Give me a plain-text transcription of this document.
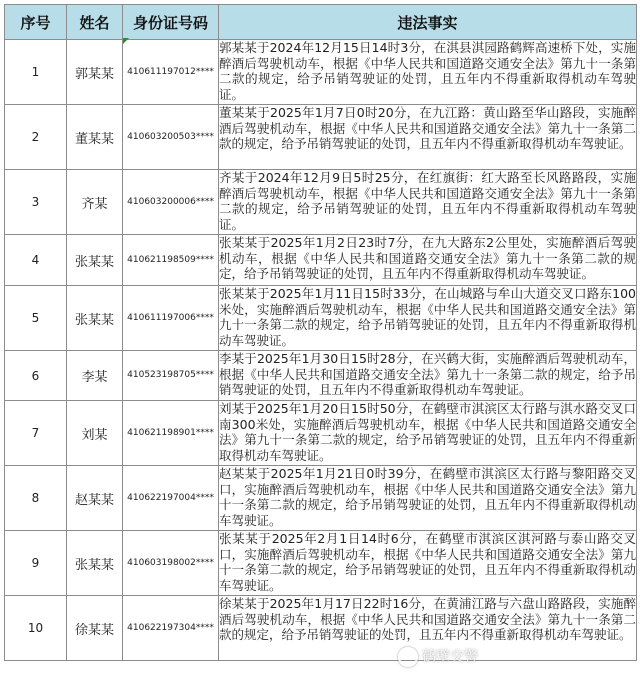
序号	姓名	身份证号码	违法事实
1	郭某某	410611197012****	郭某某于2024年12月15日14时3分，在淇县淇园路鹤辉高速桥下处，实施醉酒后驾驶机动车，根据《中华人民共和国道路交通安全法》第九十一条第二款的规定，给予吊销驾驶证的处罚，且五年内不得重新取得机动车驾驶证。
2	董某某	410603200503****	董某某于2025年1月7日0时20分，在九江路：黄山路至华山路段，实施醉酒后驾驶机动车，根据《中华人民共和国道路交通安全法》第九十一条第二款的规定，给予吊销驾驶证的处罚，且五年内不得重新取得机动车驾驶证。
3	齐某	410603200006****	齐某于2024年12月9日5时25分，在红旗街：红大路至长风路路段，实施醉酒后驾驶机动车，根据《中华人民共和国道路交通安全法》第九十一条第二款的规定，给予吊销驾驶证的处罚，且五年内不得重新取得机动车驾驶证。
4	张某某	410621198509****	张某某于2025年1月2日23时7分，在九大路东2公里处，实施醉酒后驾驶机动车，根据《中华人民共和国道路交通安全法》第九十一条第二款的规定，给予吊销驾驶证的处罚，且五年内不得重新取得机动车驾驶证。
5	张某某	410611197006****	张某某于2025年1月11日15时33分，在山城路与牟山大道交叉口路东100米处，实施醉酒后驾驶机动车，根据《中华人民共和国道路交通安全法》第九十一条第二款的规定，给予吊销驾驶证的处罚，且五年内不得重新取得机动车驾驶证。
6	李某	410523198705****	李某于2025年1月30日15时28分，在兴鹤大街，实施醉酒后驾驶机动车，根据《中华人民共和国道路交通安全法》第九十一条第二款的规定，给予吊销驾驶证的处罚，且五年内不得重新取得机动车驾驶证。
7	刘某	410621198901****	刘某于2025年1月20日15时50分，在鹤壁市淇滨区太行路与淇水路交叉口南300米处，实施醉酒后驾驶机动车，根据《中华人民共和国道路交通安全法》第九十一条第二款的规定，给予吊销驾驶证的处罚，且五年内不得重新取得机动车驾驶证。
8	赵某某	410622197004****	赵某某于2025年1月21日0时39分，在鹤壁市淇滨区太行路与黎阳路交叉口，实施醉酒后驾驶机动车，根据《中华人民共和国道路交通安全法》第九十一条第二款的规定，给予吊销驾驶证的处罚，且五年内不得重新取得机动车驾驶证。
9	张某某	410603198002****	张某某于2025年2月1日14时6分，在鹤壁市淇滨区淇河路与泰山路交叉口，实施醉酒后驾驶机动车，根据《中华人民共和国道路交通安全法》第九十一条第二款的规定，给予吊销驾驶证的处罚，且五年内不得重新取得机动车驾驶证。
10	徐某某	410622197304****	徐某某于2025年1月17日22时16分，在黄浦江路与六盘山路路段，实施醉酒后驾驶机动车，根据《中华人民共和国道路交通安全法》第九十一条第二款的规定，给予吊销驾驶证的处罚，且五年内不得重新取得机动车驾驶证。
鹤壁交警
